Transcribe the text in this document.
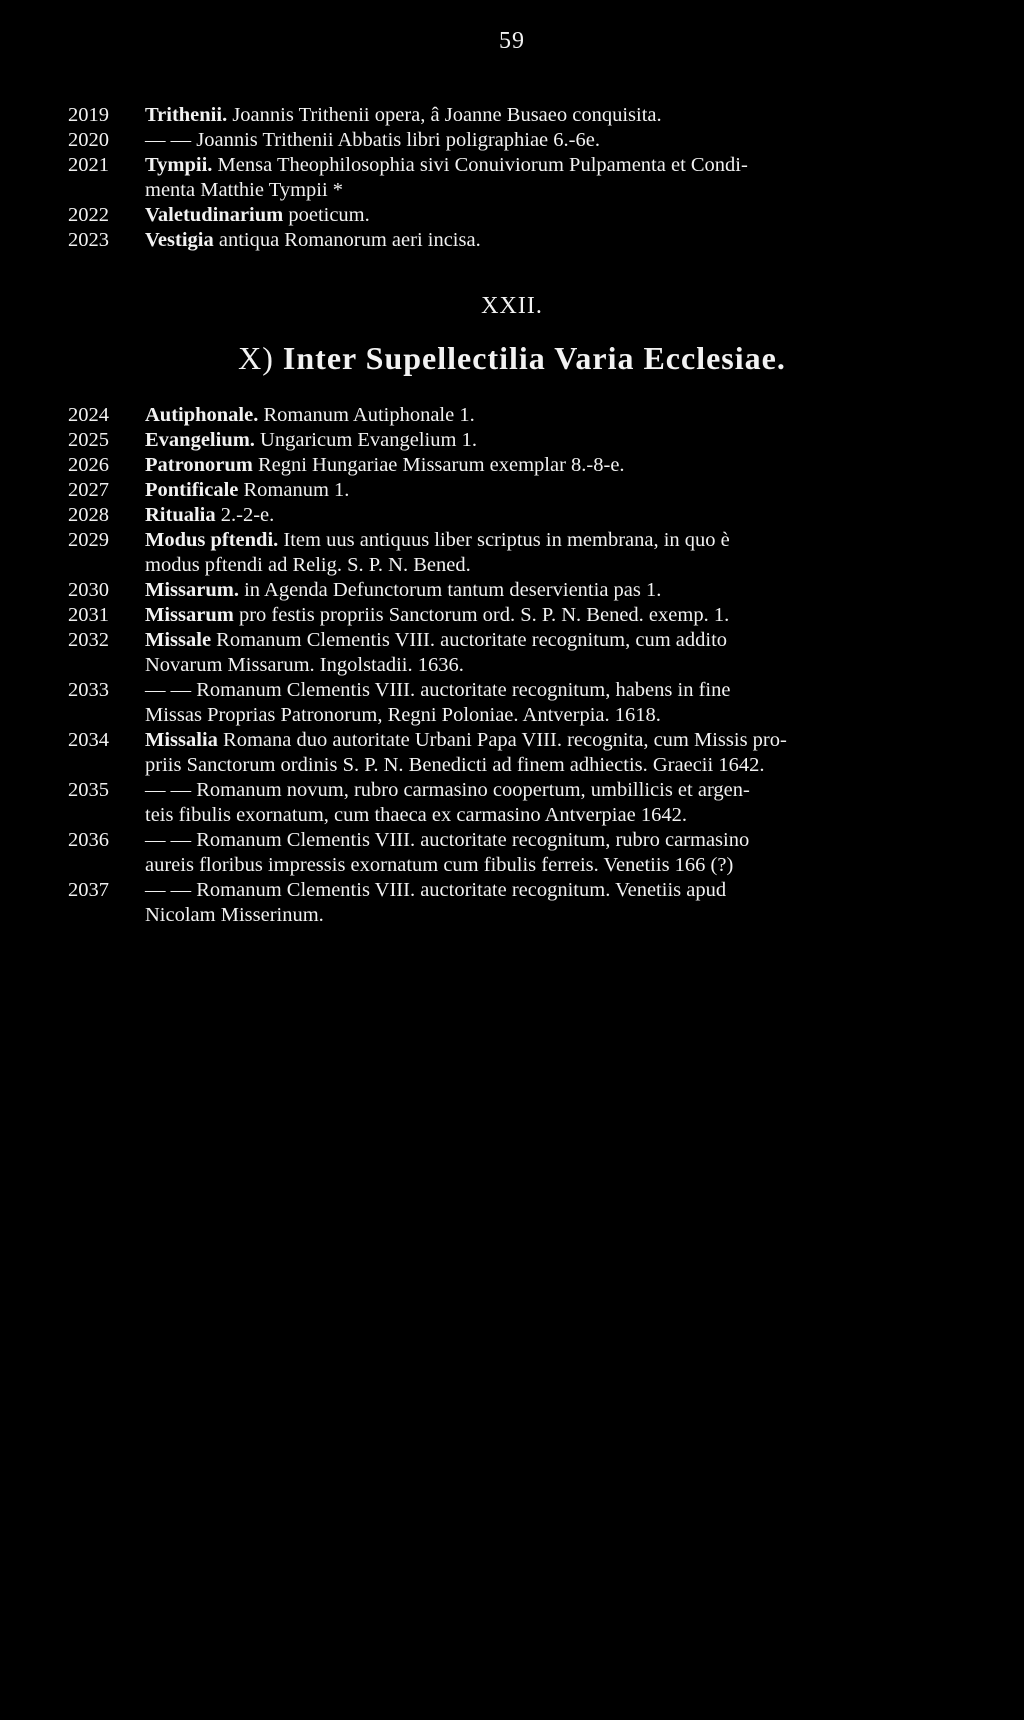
59
2019	Trithenii. Joannis Trithenii opera, â Joanne Busaeo conquisita.
2020	— — Joannis Trithenii Abbatis libri poligraphiae 6.-6e.
2021	Tympii. Mensa Theophilosophia sivi Conuiviorum Pulpamenta et Condi-
menta Matthie Tympii *
2022	Valetudinarium poeticum.
2023	Vestigia antiqua Romanorum aeri incisa.
XXII.
X) Inter Supellectilia Varia Ecclesiae.
2024	Autiphonale. Romanum Autiphonale 1.
2025	Evangelium. Ungaricum Evangelium 1.
2026	Patronorum Regni Hungariae Missarum exemplar 8.-8-e.
2027	Pontificale Romanum 1.
2028	Ritualia 2.-2-e.
2029	Modus pftendi. Item uus antiquus liber scriptus in membrana, in quo è
modus pftendi ad Relig. S. P. N. Bened.
2030	Missarum. in Agenda Defunctorum tantum deservientia pas 1.
2031	Missarum pro festis propriis Sanctorum ord. S. P. N. Bened. exemp. 1.
2032	Missale Romanum Clementis VIII. auctoritate recognitum, cum addito
Novarum Missarum. Ingolstadii. 1636.
2033	— — Romanum Clementis VIII. auctoritate recognitum, habens in fine
Missas Proprias Patronorum, Regni Poloniae. Antverpia. 1618.
2034	Missalia Romana duo autoritate Urbani Papa VIII. recognita, cum Missis pro-
priis Sanctorum ordinis S. P. N. Benedicti ad finem adhiectis. Graecii 1642.
2035	— — Romanum novum, rubro carmasino coopertum, umbillicis et argen-
teis fibulis exornatum, cum thaeca ex carmasino Antverpiae 1642.
2036	— — Romanum Clementis VIII. auctoritate recognitum, rubro carmasino
aureis floribus impressis exornatum cum fibulis ferreis. Venetiis 166 (?)
2037	— — Romanum Clementis VIII. auctoritate recognitum. Venetiis apud
Nicolam Misserinum.
